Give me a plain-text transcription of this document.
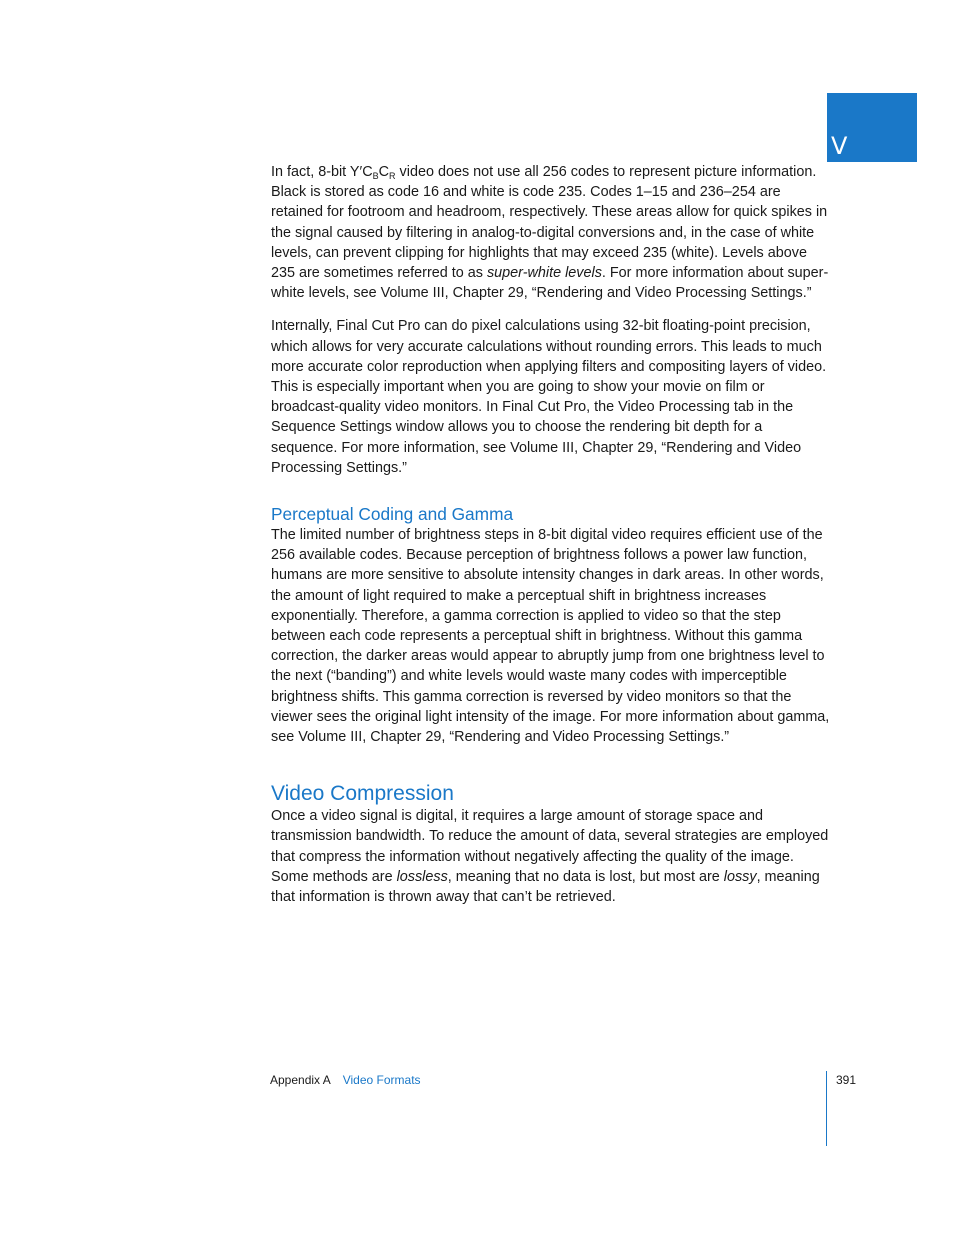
V

In fact, 8-bit $Y'C_BC_R$ video does not use all 256 codes to represent picture information. Black is stored as code 16 and white is code 235. Codes 1–15 and 236–254 are retained for footroom and headroom, respectively. These areas allow for quick spikes in the signal caused by filtering in analog-to-digital conversions and, in the case of white levels, can prevent clipping for highlights that may exceed 235 (white). Levels above 235 are sometimes referred to as super-white levels. For more information about super-white levels, see Volume III, Chapter 29, “Rendering and Video Processing Settings.”

Internally, Final Cut Pro can do pixel calculations using 32-bit floating-point precision, which allows for very accurate calculations without rounding errors. This leads to much more accurate color reproduction when applying filters and compositing layers of video. This is especially important when you are going to show your movie on film or broadcast-quality video monitors. In Final Cut Pro, the Video Processing tab in the Sequence Settings window allows you to choose the rendering bit depth for a sequence. For more information, see Volume III, Chapter 29, “Rendering and Video Processing Settings.”

Perceptual Coding and Gamma

The limited number of brightness steps in 8-bit digital video requires efficient use of the 256 available codes. Because perception of brightness follows a power law function, humans are more sensitive to absolute intensity changes in dark areas. In other words, the amount of light required to make a perceptual shift in brightness increases exponentially. Therefore, a gamma correction is applied to video so that the step between each code represents a perceptual shift in brightness. Without this gamma correction, the darker areas would appear to abruptly jump from one brightness level to the next (“banding”) and white levels would waste many codes with imperceptible brightness shifts. This gamma correction is reversed by video monitors so that the viewer sees the original light intensity of the image. For more information about gamma, see Volume III, Chapter 29, “Rendering and Video Processing Settings.”

Video Compression

Once a video signal is digital, it requires a large amount of storage space and transmission bandwidth. To reduce the amount of data, several strategies are employed that compress the information without negatively affecting the quality of the image. Some methods are lossless, meaning that no data is lost, but most are lossy, meaning that information is thrown away that can’t be retrieved.

Appendix A Video Formats	391
